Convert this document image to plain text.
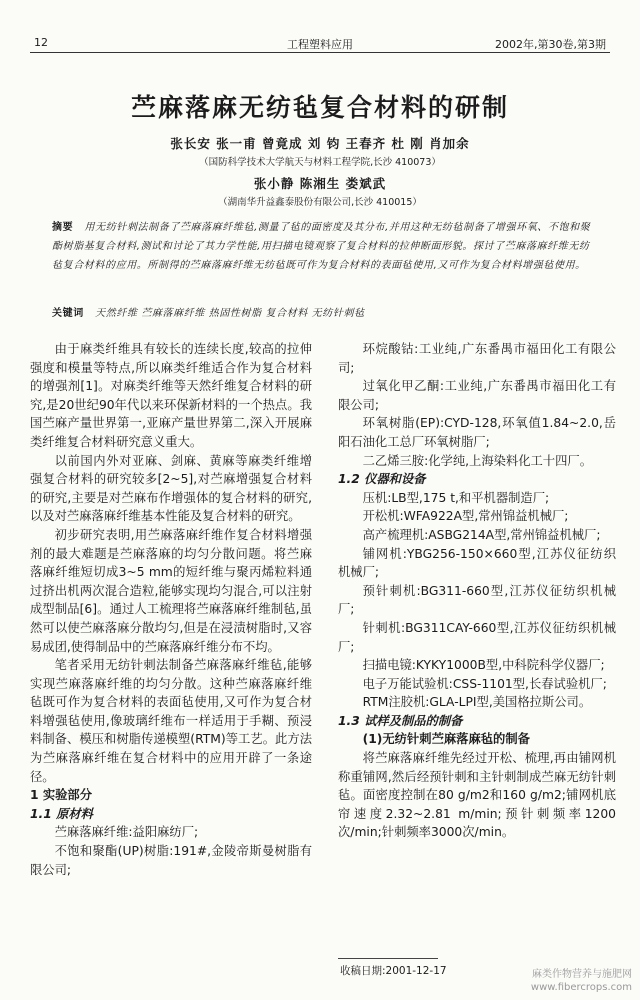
12	工程塑料应用	2002年,第30卷,第3期
苎麻落麻无纺毡复合材料的研制
张长安 张一甫 曾竟成 刘 钧 王春齐 杜 刚 肖加余
（国防科学技术大学航天与材料工程学院,长沙 410073）
张小静 陈湘生 娄斌武
（湖南华升益鑫泰股份有限公司,长沙 410015）
摘要 用无纺针刺法制备了苎麻落麻纤维毡,测量了毡的面密度及其分布,并用这种无纺毡制备了增强环氧、不饱和聚酯树脂基复合材料,测试和讨论了其力学性能,用扫描电镜观察了复合材料的拉伸断面形貌。探讨了苎麻落麻纤维无纺毡复合材料的应用。所制得的苎麻落麻纤维无纺毡既可作为复合材料的表面毡使用,又可作为复合材料增强毡使用。
关键词 天然纤维 苎麻落麻纤维 热固性树脂 复合材料 无纺针刺毡

由于麻类纤维具有较长的连续长度,较高的拉伸强度和模量等特点,所以麻类纤维适合作为复合材料的增强剂[1]。对麻类纤维等天然纤维复合材料的研究,是20世纪90年代以来环保新材料的一个热点。我国苎麻产量世界第一,亚麻产量世界第二,深入开展麻类纤维复合材料研究意义重大。

以前国内外对亚麻、剑麻、黄麻等麻类纤维增强复合材料的研究较多[2~5],对苎麻增强复合材料的研究,主要是对苎麻布作增强体的复合材料的研究,以及对苎麻落麻纤维基本性能及复合材料的研究。

初步研究表明,用苎麻落麻纤维作复合材料增强剂的最大难题是苎麻落麻的均匀分散问题。将苎麻落麻纤维短切成3~5 mm的短纤维与聚丙烯粒料通过挤出机两次混合造粒,能够实现均匀混合,可以注射成型制品[6]。通过人工梳理将苎麻落麻纤维制毡,虽然可以使苎麻落麻分散均匀,但是在浸渍树脂时,又容易成团,使得制品中的苎麻落麻纤维分布不均。

笔者采用无纺针刺法制备苎麻落麻纤维毡,能够实现苎麻落麻纤维的均匀分散。这种苎麻落麻纤维毡既可作为复合材料的表面毡使用,又可作为复合材料增强毡使用,像玻璃纤维布一样适用于手糊、预浸料制备、模压和树脂传递模塑(RTM)等工艺。此方法为苎麻落麻纤维在复合材料中的应用开辟了一条途径。

1 实验部分

1.1 原材料

苎麻落麻纤维:益阳麻纺厂;

不饱和聚酯(UP)树脂:191#,金陵帝斯曼树脂有限公司;

环烷酸钴:工业纯,广东番禺市福田化工有限公司;

过氧化甲乙酮:工业纯,广东番禺市福田化工有限公司;

环氧树脂(EP):CYD-128,环氧值1.84~2.0,岳阳石油化工总厂环氧树脂厂;

二乙烯三胺:化学纯,上海染料化工十四厂。

1.2 仪器和设备

压机:LB型,175 t,和平机器制造厂;

开松机:WFA922A型,常州锦益机械厂;

高产梳理机:ASBG214A型,常州锦益机械厂;

铺网机:YBG256-150×660型,江苏仪征纺织机械厂;

预针刺机:BG311-660型,江苏仪征纺织机械厂;

针刺机:BG311CAY-660型,江苏仪征纺织机械厂;

扫描电镜:KYKY1000B型,中科院科学仪器厂;

电子万能试验机:CSS-1101型,长春试验机厂;

RTM注胶机:GLA-LPⅠ型,美国格拉斯公司。

1.3 试样及制品的制备

(1)无纺针刺苎麻落麻毡的制备

将苎麻落麻纤维先经过开松、梳理,再由铺网机称重铺网,然后经预针刺和主针刺制成苎麻无纺针刺毡。面密度控制在80 g/m2和160 g/m2;铺网机底帘速度2.32~2.81 m/min;预针刺频率1200次/min;针刺频率3000次/min。

收稿日期:2001-12-17	麻类作物营养与施肥网
www.fibercrops.com
